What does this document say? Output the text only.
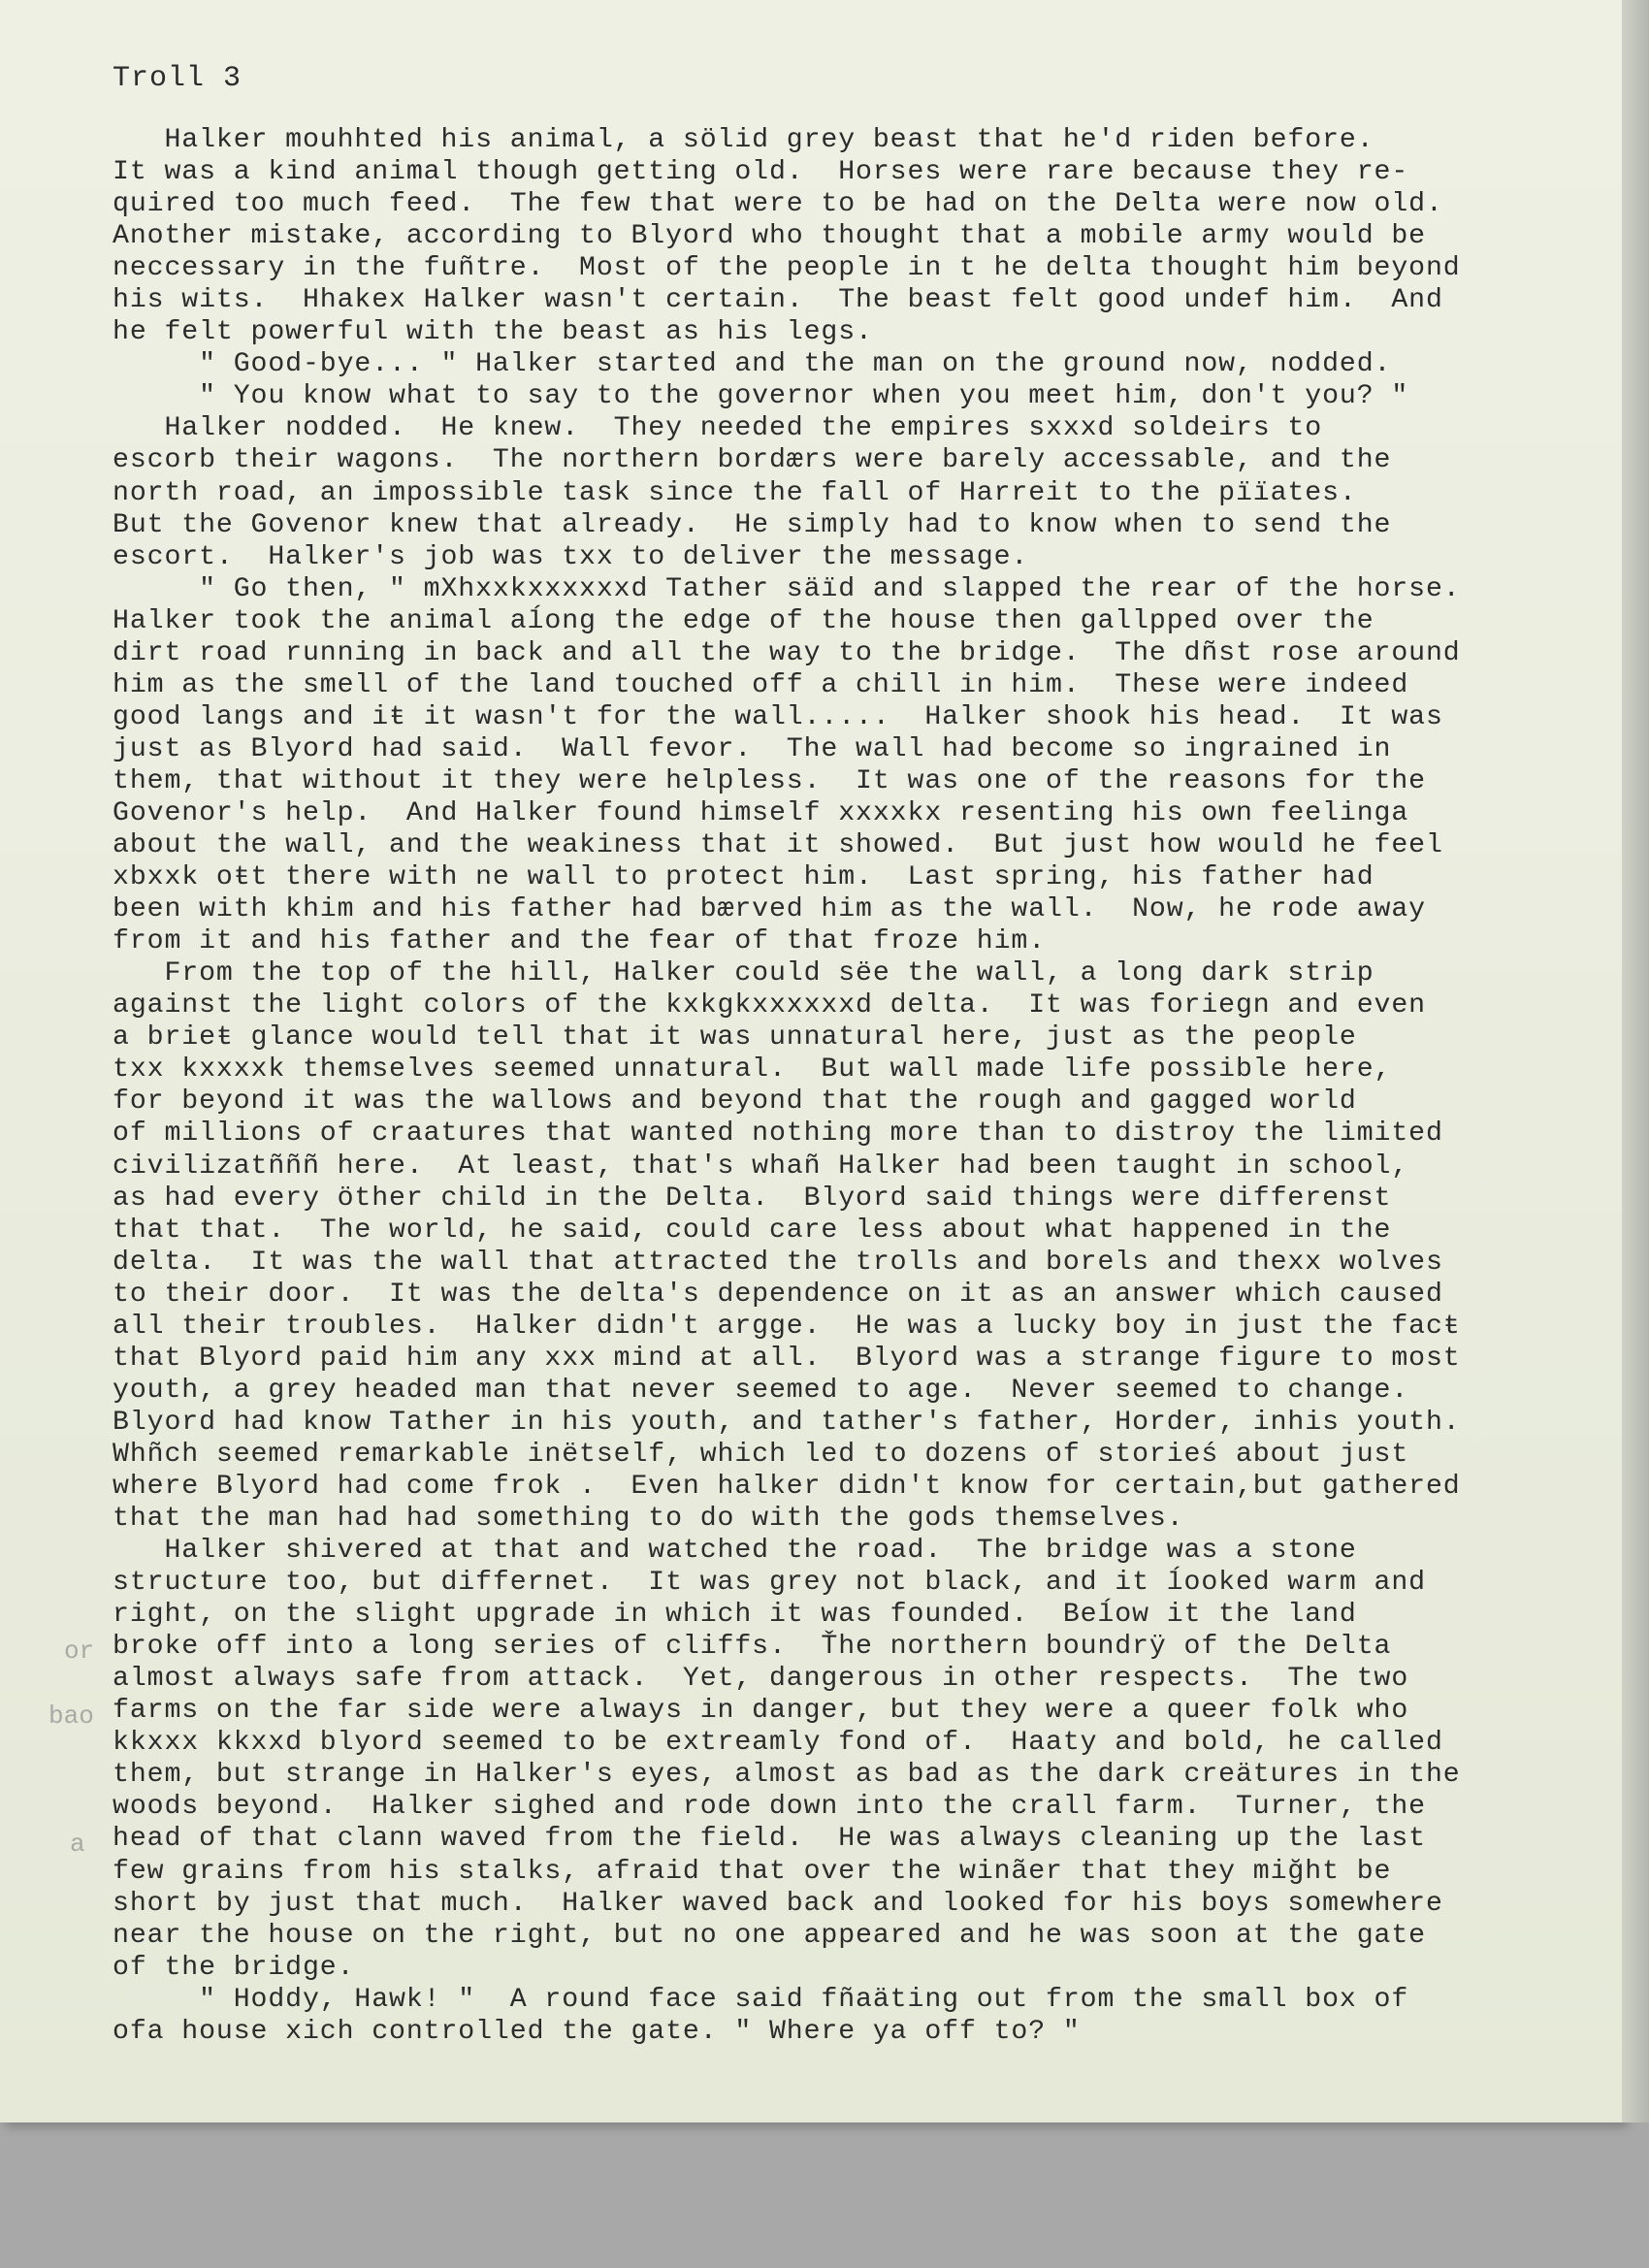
Troll 3
Halker mouhhted his animal, a sölid grey beast that he'd riden before.
It was a kind animal though getting old.  Horses were rare because they re-
quired too much feed.  The few that were to be had on the Delta were now old.
Another mistake, according to Blyord who thought that a mobile army would be
neccessary in the fuñtre.  Most of the people in t he delta thought him beyond
his wits.  Hhakex Halker wasn't certain.  The beast felt good undef him.  And
he felt powerful with the beast as his legs.
" Good-bye... " Halker started and the man on the ground now, nodded.
" You know what to say to the governor when you meet him, don't you? "
Halker nodded.  He knew.  They needed the empires sxxxd soldeirs to
escorb their wagons.  The northern bordærs were barely accessable, and the
north road, an impossible task since the fall of Harreit to the pïïates.
But the Govenor knew that already.  He simply had to know when to send the
escort.  Halker's job was txx to deliver the message.
" Go then, " mXhxxkxxxxxxd Tather säïd and slapped the rear of the horse.
Halker took the animal aĺong the edge of the house then gallpped over the
dirt road running in back and all the way to the bridge.  The dñst rose around
him as the smell of the land touched off a chill in him.  These were indeed
good langs and iŧ it wasn't for the wall.....  Halker shook his head.  It was
just as Blyord had said.  Wall fevor.  The wall had become so ingrained in
them, that without it they were helpless.  It was one of the reasons for the
Govenor's help.  And Halker found himself xxxxkx resenting his own feelinga
about the wall, and the weakiness that it showed.  But just how would he feel
xbxxk oŧt there with ne wall to protect him.  Last spring, his father had
been with khim and his father had bærved him as the wall.  Now, he rode away
from it and his father and the fear of that froze him.
From the top of the hill, Halker could sëe the wall, a long dark strip
against the light colors of the kxkgkxxxxxxd delta.  It was foriegn and even
a brieŧ glance would tell that it was unnatural here, just as the people
txx kxxxxk themselves seemed unnatural.  But wall made life possible here,
for beyond it was the wallows and beyond that the rough and gagged world
of millions of craatures that wanted nothing more than to distroy the limited
civilizatñññ here.  At least, that's whañ Halker had been taught in school,
as had every öther child in the Delta.  Blyord said things were differenst
that that.  The world, he said, could care less about what happened in the
delta.  It was the wall that attracted the trolls and borels and thexx wolves
to their door.  It was the delta's dependence on it as an answer which caused
all their troubles.  Halker didn't argge.  He was a lucky boy in just the facŧ
that Blyord paid him any xxx mind at all.  Blyord was a strange figure to most
youth, a grey headed man that never seemed to age.  Never seemed to change.
Blyord had know Tather in his youth, and tather's father, Horder, inhis youth.
Whñch seemed remarkable inëtself, which led to dozens of storieś about just
where Blyord had come frok .  Even halker didn't know for certain,but gathered
that the man had had something to do with the gods themselves.
Halker shivered at that and watched the road.  The bridge was a stone
structure too, but differnet.  It was grey not black, and it ĺooked warm and
right, on the slight upgrade in which it was founded.  Beĺow it the land
broke off into a long series of cliffs.  Ťhe northern boundrÿ of the Delta
almost always safe from attack.  Yet, dangerous in other respects.  The two
farms on the far side were always in danger, but they were a queer folk who
kkxxx kkxxd blyord seemed to be extreamly fond of.  Haaty and bold, he called
them, but strange in Halker's eyes, almost as bad as the dark creätures in the
woods beyond.  Halker sighed and rode down into the crall farm.  Turner, the
head of that clann waved from the field.  He was always cleaning up the last
few grains from his stalks, afraid that over the winãer that they miğht be
short by just that much.  Halker waved back and looked for his boys somewhere
near the house on the right, but no one appeared and he was soon at the gate
of the bridge.
" Hoddy, Hawk! "  A round face said fñaäting out from the small box of
ofa house xich controlled the gate. " Where ya off to? "
or
bao
a
